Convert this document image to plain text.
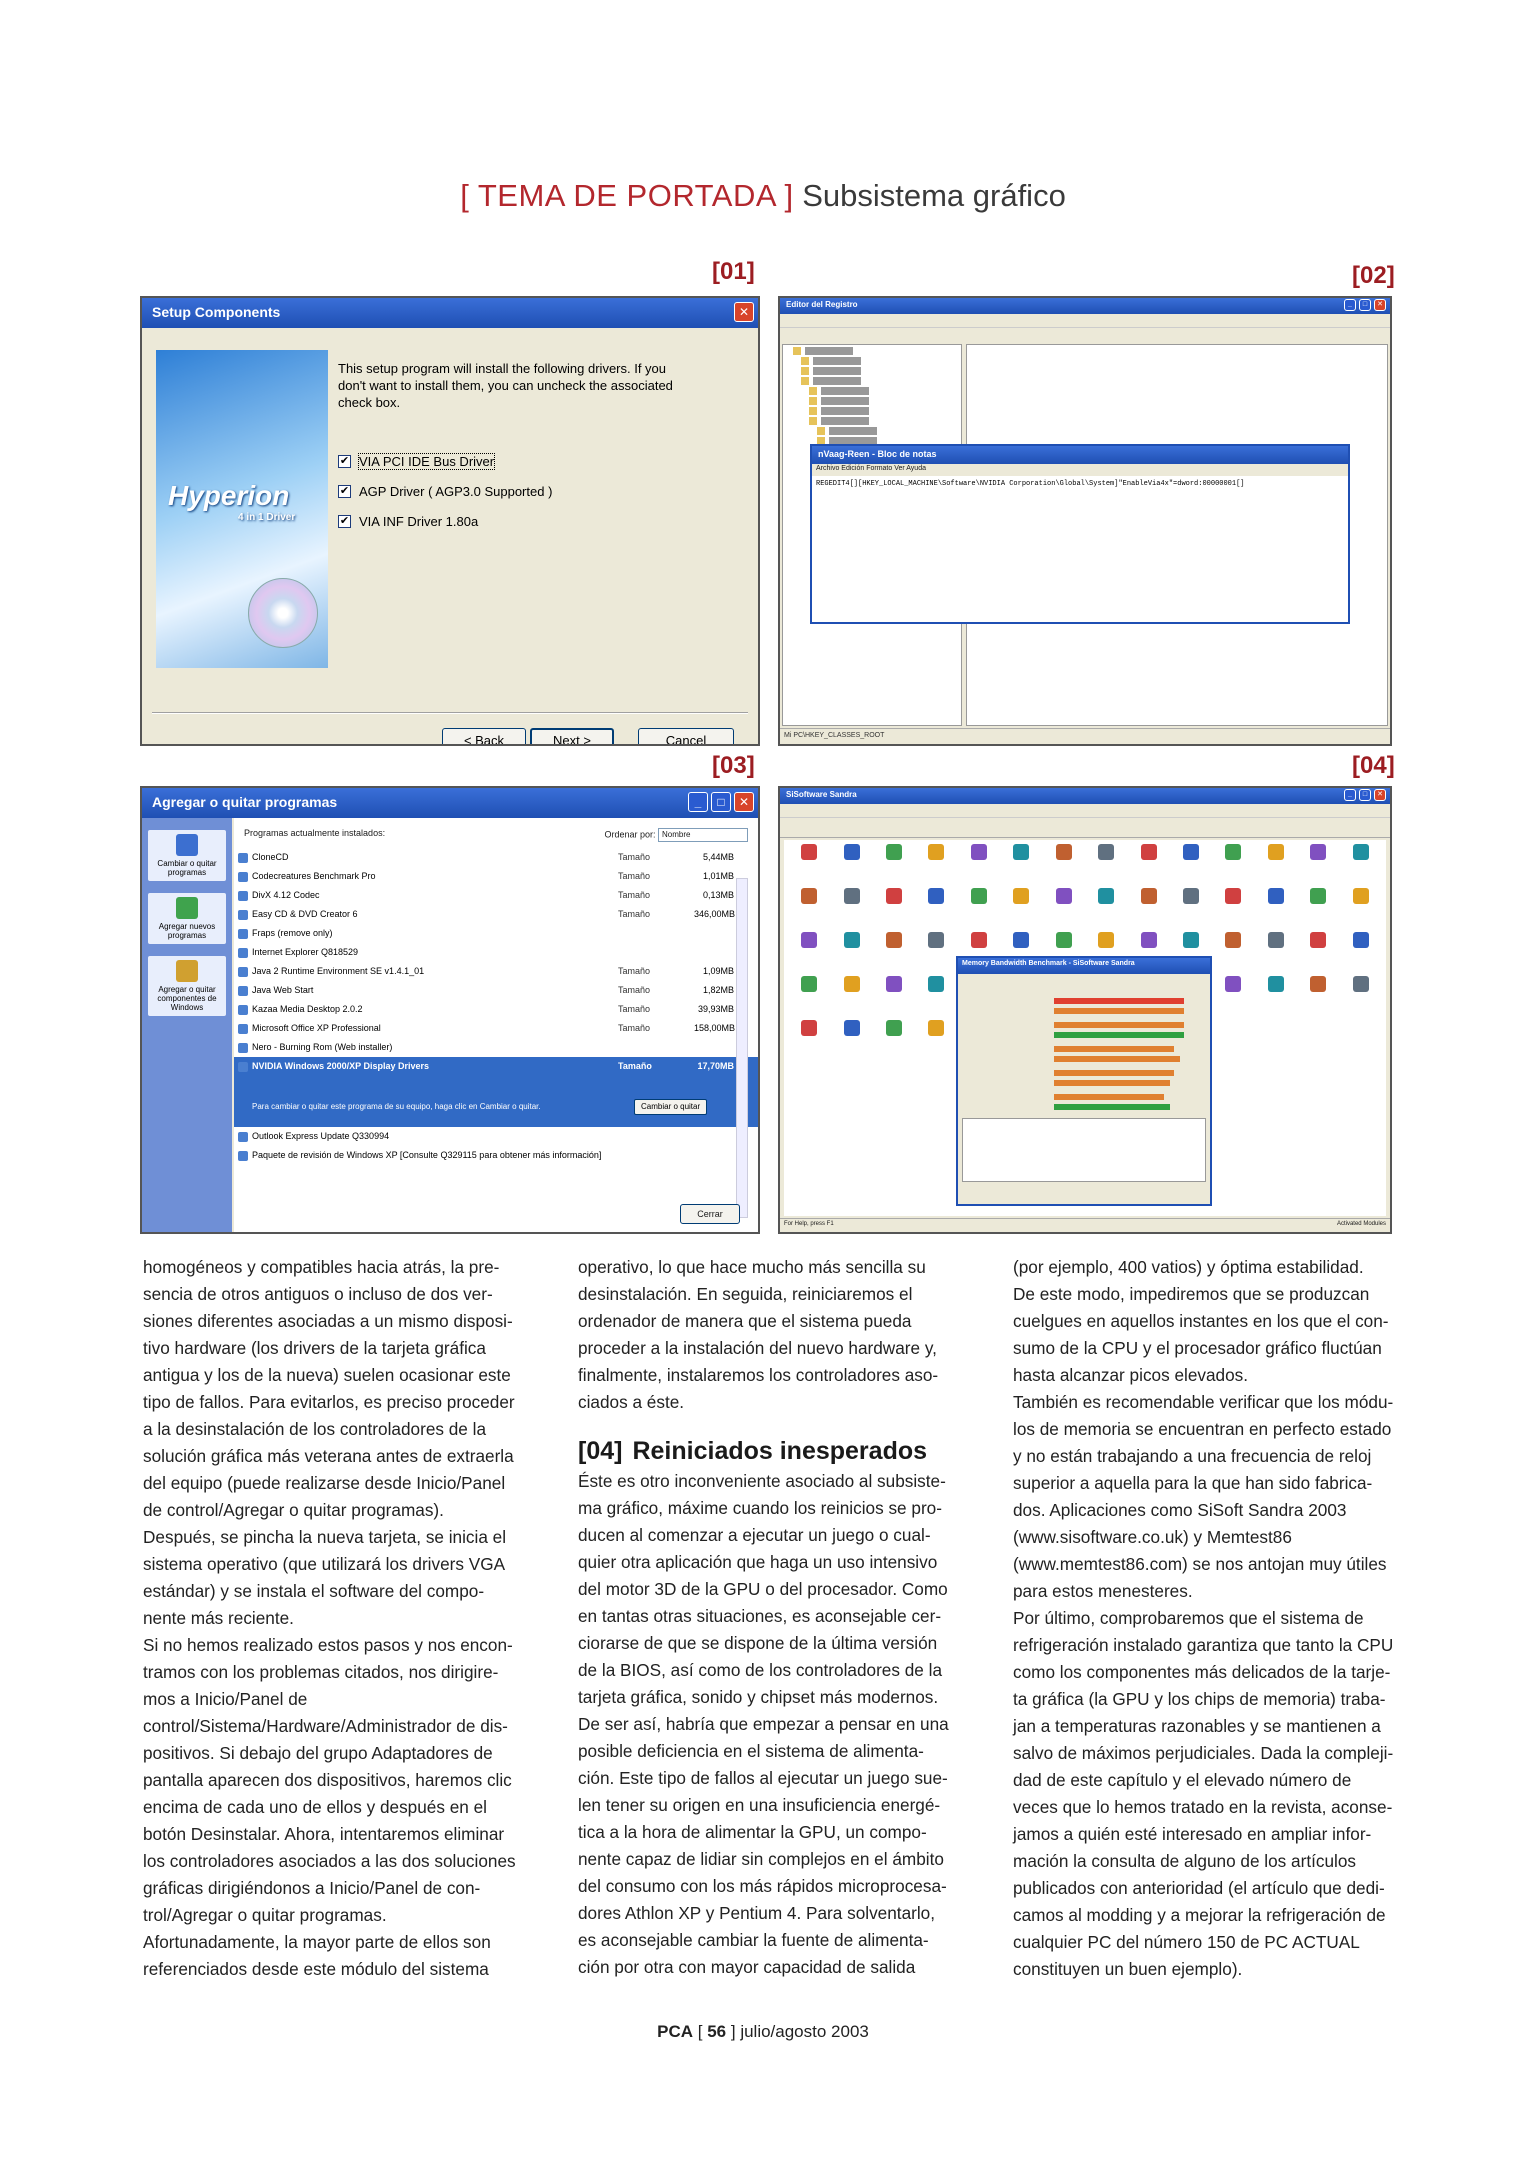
[ TEMA DE PORTADA ] Subsistema gráfico
[01]	[02]
[03]	[04]
Setup Components	✕
Hyperion
4 in 1 Driver
This setup program will install the following drivers. If you don't want to install them, you can uncheck the associated check box.
✔ VIA PCI IDE Bus Driver
✔ AGP Driver ( AGP3.0 Supported )
✔ VIA INF Driver 1.80a
< Back	Next >	Cancel
Editor del Registro	_	□	✕
nVaag-Reen - Bloc de notas
Archivo Edición Formato Ver Ayuda
REGEDIT4[][HKEY_LOCAL_MACHINE\Software\NVIDIA Corporation\Global\System]"EnableVia4x"=dword:00000001[]
Mi PC\HKEY_CLASSES_ROOT
Agregar o quitar programas	_	□	✕
Cambiar o quitar programas
Agregar nuevos programas
Agregar o quitar componentes de Windows
Programas actualmente instalados:	Ordenar por: Nombre
CloneCD	Tamaño	5,44MB
Codecreatures Benchmark Pro	Tamaño	1,01MB
DivX 4.12 Codec	Tamaño	0,13MB
Easy CD & DVD Creator 6	Tamaño	346,00MB
Fraps (remove only)
Internet Explorer Q818529
Java 2 Runtime Environment SE v1.4.1_01	Tamaño	1,09MB
Java Web Start	Tamaño	1,82MB
Kazaa Media Desktop 2.0.2	Tamaño	39,93MB
Microsoft Office XP Professional	Tamaño	158,00MB
Nero - Burning Rom (Web installer)
NVIDIA Windows 2000/XP Display Drivers	Tamaño	17,70MB
Para cambiar o quitar este programa de su equipo, haga clic en Cambiar o quitar.	Cambiar o quitar
Outlook Express Update Q330994
Paquete de revisión de Windows XP [Consulte Q329115 para obtener más información]
Cerrar
SiSoftware Sandra	_	□	✕
Memory Bandwidth Benchmark - SiSoftware Sandra
For Help, press F1	Activated Modules

homogéneos y compatibles hacia atrás, la pre-

sencia de otros antiguos o incluso de dos ver-

siones diferentes asociadas a un mismo disposi-

tivo hardware (los drivers de la tarjeta gráfica

antigua y los de la nueva) suelen ocasionar este

tipo de fallos. Para evitarlos, es preciso proceder

a la desinstalación de los controladores de la

solución gráfica más veterana antes de extraerla

del equipo (puede realizarse desde Inicio/Panel

de control/Agregar o quitar programas).

Después, se pincha la nueva tarjeta, se inicia el

sistema operativo (que utilizará los drivers VGA

estándar) y se instala el software del compo-

nente más reciente.

Si no hemos realizado estos pasos y nos encon-

tramos con los problemas citados, nos dirigire-

mos a Inicio/Panel de

control/Sistema/Hardware/Administrador de dis-

positivos. Si debajo del grupo Adaptadores de

pantalla aparecen dos dispositivos, haremos clic

encima de cada uno de ellos y después en el

botón Desinstalar. Ahora, intentaremos eliminar

los controladores asociados a las dos soluciones

gráficas dirigiéndonos a Inicio/Panel de con-

trol/Agregar o quitar programas.

Afortunadamente, la mayor parte de ellos son

referenciados desde este módulo del sistema

operativo, lo que hace mucho más sencilla su

desinstalación. En seguida, reiniciaremos el

ordenador de manera que el sistema pueda

proceder a la instalación del nuevo hardware y,

finalmente, instalaremos los controladores aso-

ciados a éste.

[04] Reiniciados inesperados

Éste es otro inconveniente asociado al subsiste-

ma gráfico, máxime cuando los reinicios se pro-

ducen al comenzar a ejecutar un juego o cual-

quier otra aplicación que haga un uso intensivo

del motor 3D de la GPU o del procesador. Como

en tantas otras situaciones, es aconsejable cer-

ciorarse de que se dispone de la última versión

de la BIOS, así como de los controladores de la

tarjeta gráfica, sonido y chipset más modernos.

De ser así, habría que empezar a pensar en una

posible deficiencia en el sistema de alimenta-

ción. Este tipo de fallos al ejecutar un juego sue-

len tener su origen en una insuficiencia energé-

tica a la hora de alimentar la GPU, un compo-

nente capaz de lidiar sin complejos en el ámbito

del consumo con los más rápidos microprocesa-

dores Athlon XP y Pentium 4. Para solventarlo,

es aconsejable cambiar la fuente de alimenta-

ción por otra con mayor capacidad de salida

(por ejemplo, 400 vatios) y óptima estabilidad.

De este modo, impediremos que se produzcan

cuelgues en aquellos instantes en los que el con-

sumo de la CPU y el procesador gráfico fluctúan

hasta alcanzar picos elevados.

También es recomendable verificar que los módu-

los de memoria se encuentran en perfecto estado

y no están trabajando a una frecuencia de reloj

superior a aquella para la que han sido fabrica-

dos. Aplicaciones como SiSoft Sandra 2003

(www.sisoftware.co.uk) y Memtest86

(www.memtest86.com) se nos antojan muy útiles

para estos menesteres.

Por último, comprobaremos que el sistema de

refrigeración instalado garantiza que tanto la CPU

como los componentes más delicados de la tarje-

ta gráfica (la GPU y los chips de memoria) traba-

jan a temperaturas razonables y se mantienen a

salvo de máximos perjudiciales. Dada la compleji-

dad de este capítulo y el elevado número de

veces que lo hemos tratado en la revista, aconse-

jamos a quién esté interesado en ampliar infor-

mación la consulta de alguno de los artículos

publicados con anterioridad (el artículo que dedi-

camos al modding y a mejorar la refrigeración de

cualquier PC del número 150 de PC ACTUAL

constituyen un buen ejemplo).

PCA [ 56 ] julio/agosto 2003
